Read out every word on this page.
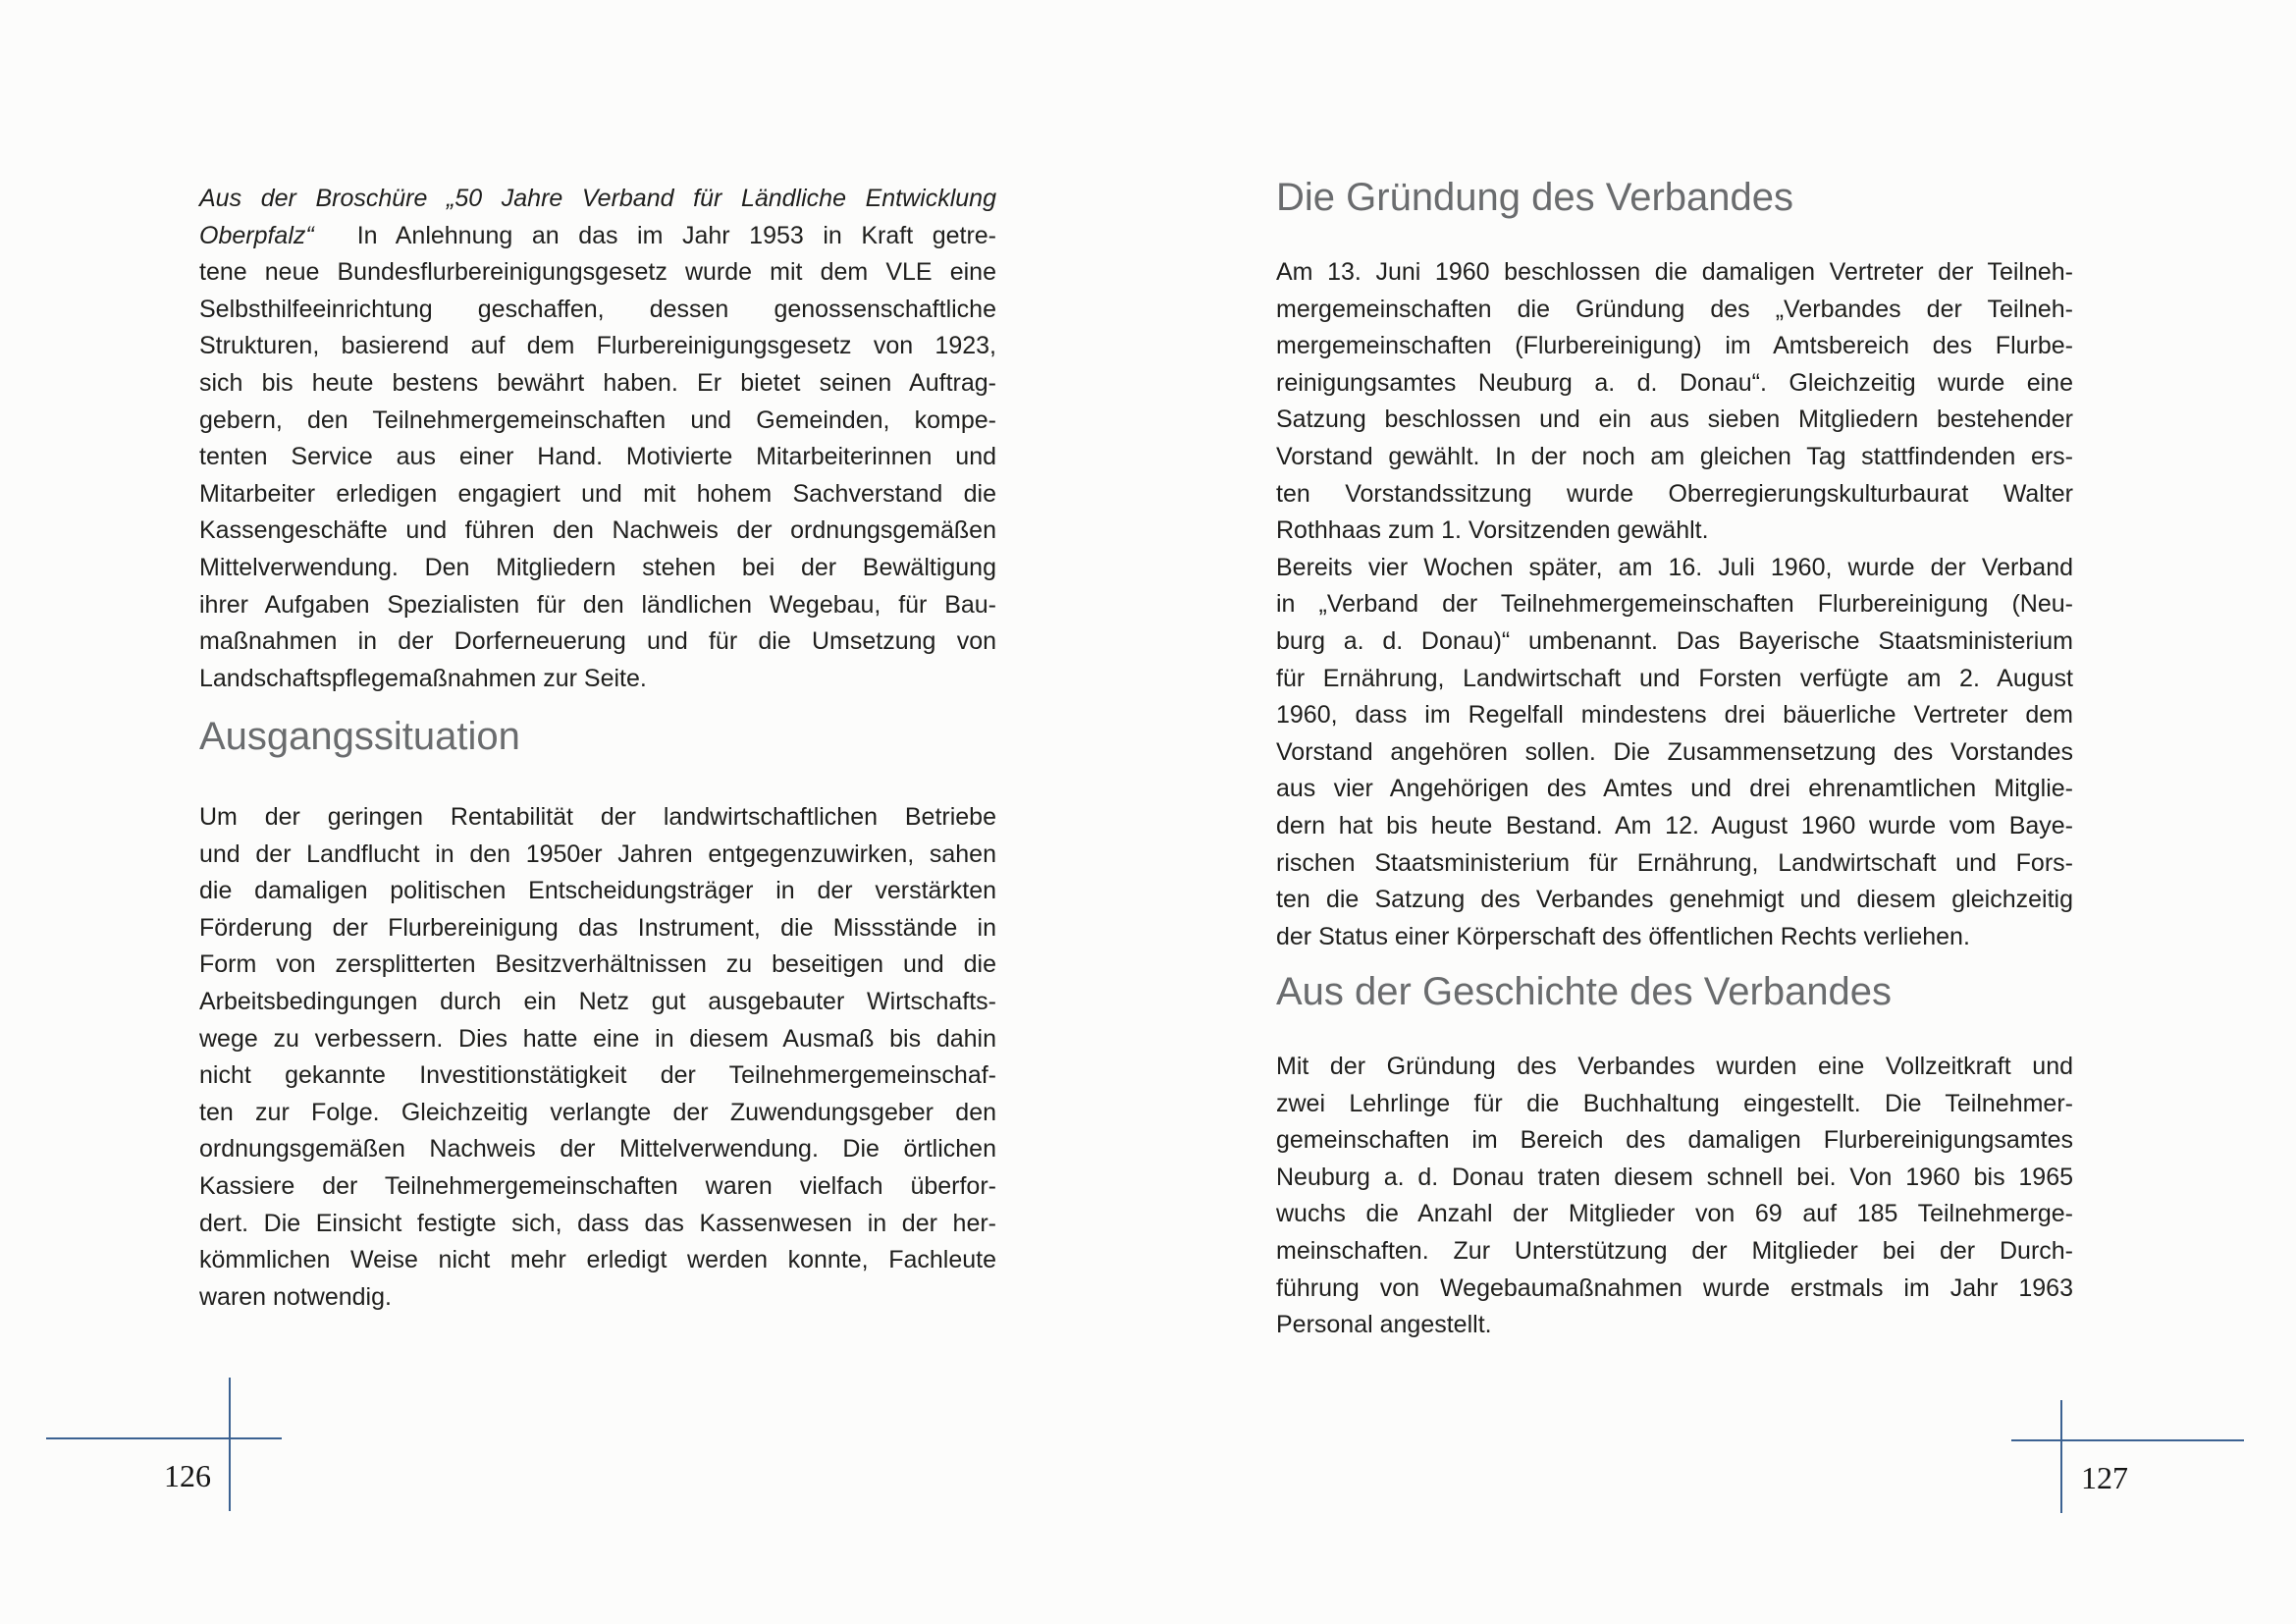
Aus der Broschüre „50 Jahre Verband für Ländliche Entwicklung
Oberpfalz“ In Anlehnung an das im Jahr 1953 in Kraft getre-
tene neue Bundesflurbereinigungsgesetz wurde mit dem VLE eine
Selbsthilfeeinrichtung geschaffen, dessen genossenschaftliche
Strukturen, basierend auf dem Flurbereinigungsgesetz von 1923,
sich bis heute bestens bewährt haben. Er bietet seinen Auftrag-
gebern, den Teilnehmergemeinschaften und Gemeinden, kompe-
tenten Service aus einer Hand. Motivierte Mitarbeiterinnen und
Mitarbeiter erledigen engagiert und mit hohem Sachverstand die
Kassengeschäfte und führen den Nachweis der ordnungsgemäßen
Mittelverwendung. Den Mitgliedern stehen bei der Bewältigung
ihrer Aufgaben Spezialisten für den ländlichen Wegebau, für Bau-
maßnahmen in der Dorferneuerung und für die Umsetzung von
Landschaftspflegemaßnahmen zur Seite.
Ausgangssituation
Um der geringen Rentabilität der landwirtschaftlichen Betriebe
und der Landflucht in den 1950er Jahren entgegenzuwirken, sahen
die damaligen politischen Entscheidungsträger in der verstärkten
Förderung der Flurbereinigung das Instrument, die Missstände in
Form von zersplitterten Besitzverhältnissen zu beseitigen und die
Arbeitsbedingungen durch ein Netz gut ausgebauter Wirtschafts-
wege zu verbessern. Dies hatte eine in diesem Ausmaß bis dahin
nicht gekannte Investitionstätigkeit der Teilnehmergemeinschaf-
ten zur Folge. Gleichzeitig verlangte der Zuwendungsgeber den
ordnungsgemäßen Nachweis der Mittelverwendung. Die örtlichen
Kassiere der Teilnehmergemeinschaften waren vielfach überfor-
dert. Die Einsicht festigte sich, dass das Kassenwesen in der her-
kömmlichen Weise nicht mehr erledigt werden konnte, Fachleute
waren notwendig.
Die Gründung des Verbandes
Am 13. Juni 1960 beschlossen die damaligen Vertreter der Teilneh-
mergemeinschaften die Gründung des „Verbandes der Teilneh-
mergemeinschaften (Flurbereinigung) im Amtsbereich des Flurbe-
reinigungsamtes Neuburg a. d. Donau“. Gleichzeitig wurde eine
Satzung beschlossen und ein aus sieben Mitgliedern bestehender
Vorstand gewählt. In der noch am gleichen Tag stattfindenden ers-
ten Vorstandssitzung wurde Oberregierungskulturbaurat Walter
Rothhaas zum 1. Vorsitzenden gewählt.
Bereits vier Wochen später, am 16. Juli 1960, wurde der Verband
in „Verband der Teilnehmergemeinschaften Flurbereinigung (Neu-
burg a. d. Donau)“ umbenannt. Das Bayerische Staatsministerium
für Ernährung, Landwirtschaft und Forsten verfügte am 2. August
1960, dass im Regelfall mindestens drei bäuerliche Vertreter dem
Vorstand angehören sollen. Die Zusammensetzung des Vorstandes
aus vier Angehörigen des Amtes und drei ehrenamtlichen Mitglie-
dern hat bis heute Bestand. Am 12. August 1960 wurde vom Baye-
rischen Staatsministerium für Ernährung, Landwirtschaft und Fors-
ten die Satzung des Verbandes genehmigt und diesem gleichzeitig
der Status einer Körperschaft des öffentlichen Rechts verliehen.
Aus der Geschichte des Verbandes
Mit der Gründung des Verbandes wurden eine Vollzeitkraft und
zwei Lehrlinge für die Buchhaltung eingestellt. Die Teilnehmer-
gemeinschaften im Bereich des damaligen Flurbereinigungsamtes
Neuburg a. d. Donau traten diesem schnell bei. Von 1960 bis 1965
wuchs die Anzahl der Mitglieder von 69 auf 185 Teilnehmerge-
meinschaften. Zur Unterstützung der Mitglieder bei der Durch-
führung von Wegebaumaßnahmen wurde erstmals im Jahr 1963
Personal angestellt.
126	127
